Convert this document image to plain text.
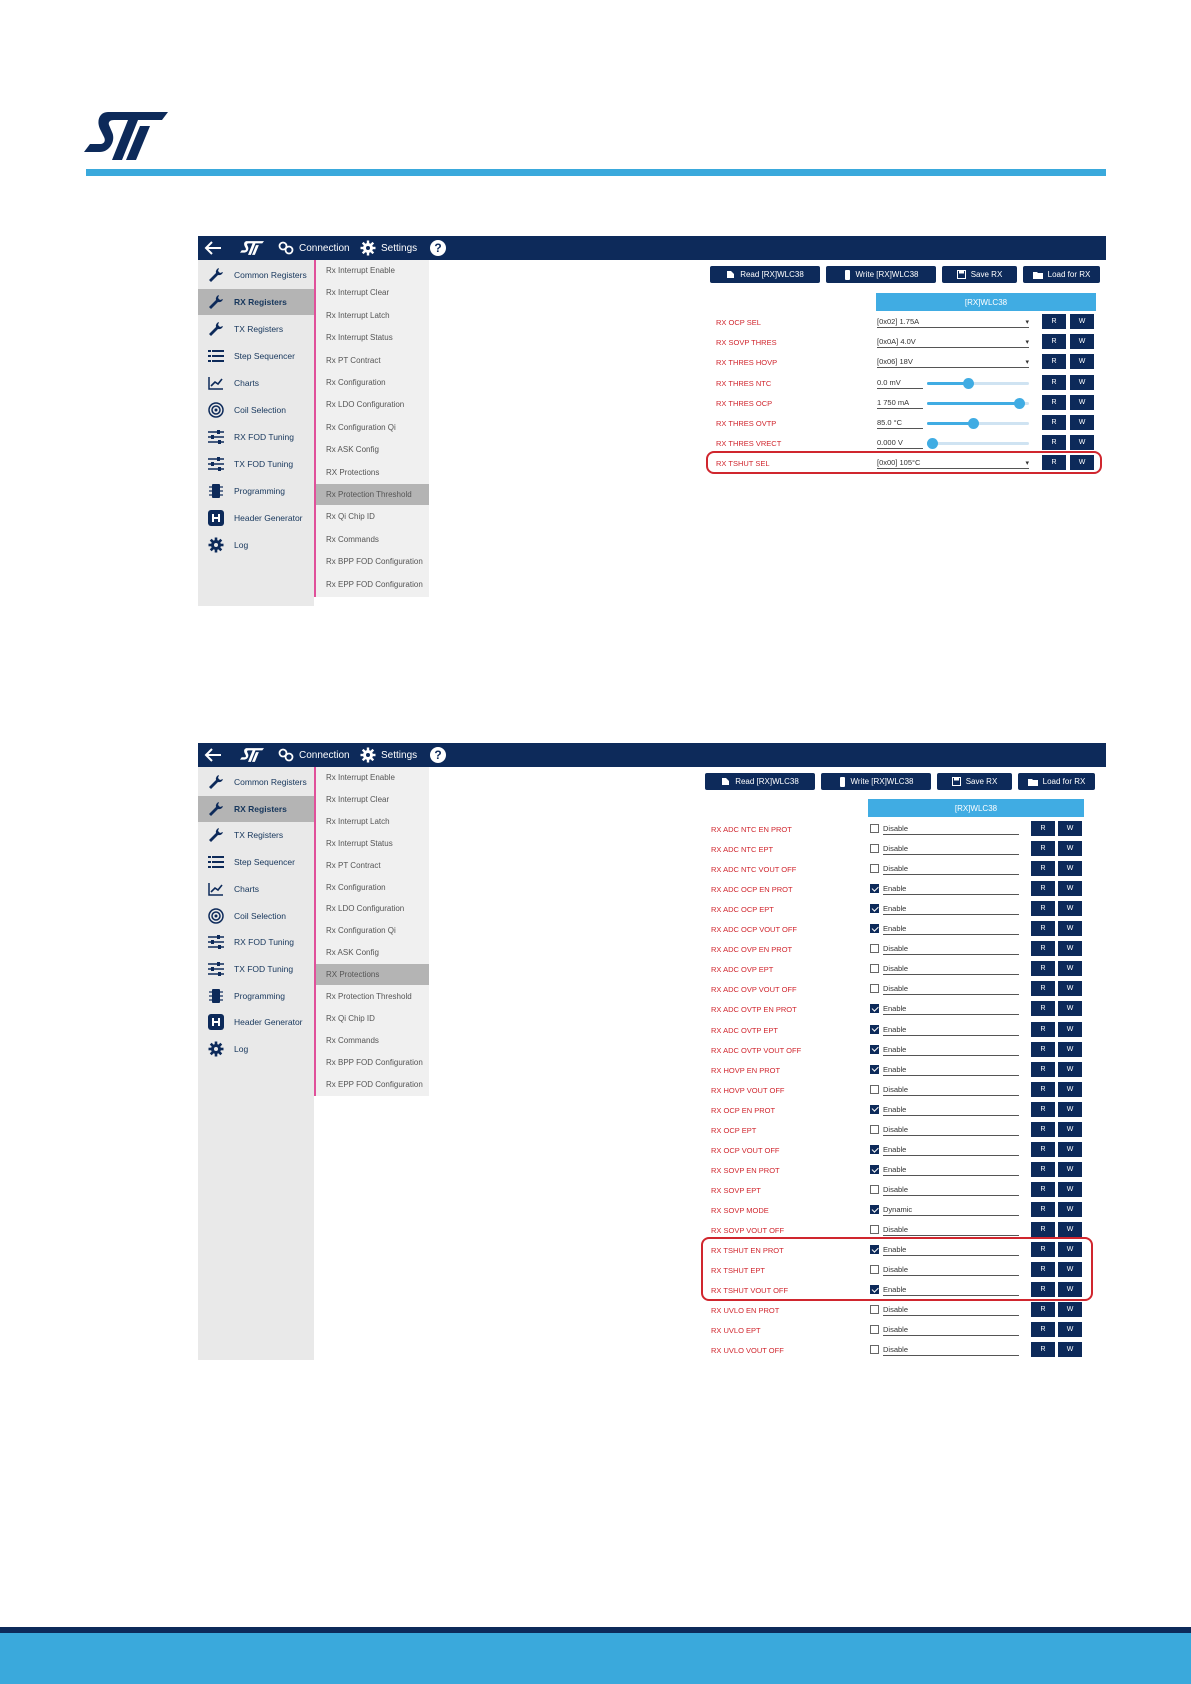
Connection	Settings	?
Common Registers
RX Registers
TX Registers
Step Sequencer
Charts
Coil Selection
RX FOD Tuning
TX FOD Tuning
Programming
Header Generator
Log
Rx Interrupt Enable
Rx Interrupt Clear
Rx Interrupt Latch
Rx Interrupt Status
Rx PT Contract
Rx Configuration
Rx LDO Configuration
Rx Configuration Qi
Rx ASK Config
RX Protections
Rx Protection Threshold
Rx Qi Chip ID
Rx Commands
Rx BPP FOD Configuration
Rx EPP FOD Configuration
Read [RX]WLC38	Write [RX]WLC38	Save RX	Load for RX
[RX]WLC38
RX OCP SEL	[0x02] 1.75A	▾	R	W
RX SOVP THRES	[0x0A] 4.0V	▾	R	W
RX THRES HOVP	[0x06] 18V	▾	R	W
RX THRES NTC	0.0 mV	R	W
RX THRES OCP	1 750 mA	R	W
RX THRES OVTP	85.0 °C	R	W
RX THRES VRECT	0.000 V	R	W
RX TSHUT SEL	[0x00] 105°C	▾	R	W
Connection	Settings	?
Common Registers
RX Registers
TX Registers
Step Sequencer
Charts
Coil Selection
RX FOD Tuning
TX FOD Tuning
Programming
Header Generator
Log
Rx Interrupt Enable
Rx Interrupt Clear
Rx Interrupt Latch
Rx Interrupt Status
Rx PT Contract
Rx Configuration
Rx LDO Configuration
Rx Configuration Qi
Rx ASK Config
RX Protections
Rx Protection Threshold
Rx Qi Chip ID
Rx Commands
Rx BPP FOD Configuration
Rx EPP FOD Configuration
Read [RX]WLC38	Write [RX]WLC38	Save RX	Load for RX
[RX]WLC38
RX ADC NTC EN PROT	Disable	R	W
RX ADC NTC EPT	Disable	R	W
RX ADC NTC VOUT OFF	Disable	R	W
RX ADC OCP EN PROT	Enable	R	W
RX ADC OCP EPT	Enable	R	W
RX ADC OCP VOUT OFF	Enable	R	W
RX ADC OVP EN PROT	Disable	R	W
RX ADC OVP EPT	Disable	R	W
RX ADC OVP VOUT OFF	Disable	R	W
RX ADC OVTP EN PROT	Enable	R	W
RX ADC OVTP EPT	Enable	R	W
RX ADC OVTP VOUT OFF	Enable	R	W
RX HOVP EN PROT	Enable	R	W
RX HOVP VOUT OFF	Disable	R	W
RX OCP EN PROT	Enable	R	W
RX OCP EPT	Disable	R	W
RX OCP VOUT OFF	Enable	R	W
RX SOVP EN PROT	Enable	R	W
RX SOVP EPT	Disable	R	W
RX SOVP MODE	Dynamic	R	W
RX SOVP VOUT OFF	Disable	R	W
RX TSHUT EN PROT	Enable	R	W
RX TSHUT EPT	Disable	R	W
RX TSHUT VOUT OFF	Enable	R	W
RX UVLO EN PROT	Disable	R	W
RX UVLO EPT	Disable	R	W
RX UVLO VOUT OFF	Disable	R	W
